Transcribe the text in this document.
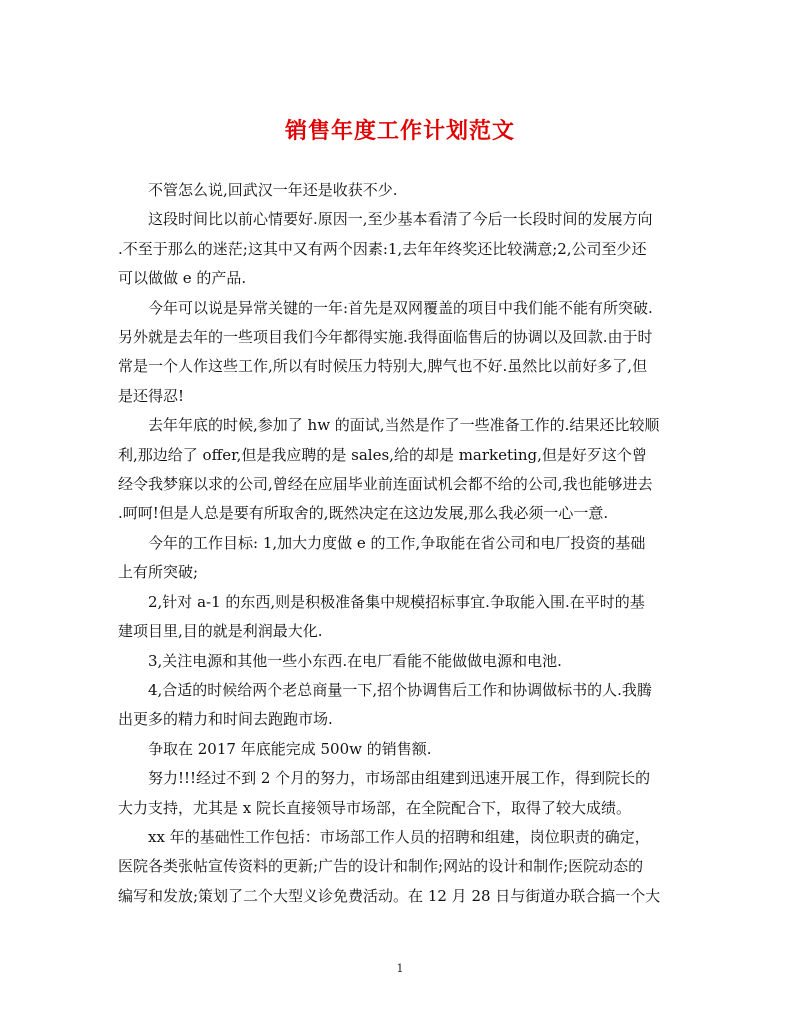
销售年度工作计划范文

不管怎么说,回武汉一年还是收获不少.

这段时间比以前心情要好.原因一,至少基本看清了今后一长段时间的发展方向

.不至于那么的迷茫;这其中又有两个因素:1,去年年终奖还比较满意;2,公司至少还

可以做做 e 的产品.

今年可以说是异常关键的一年:首先是双网覆盖的项目中我们能不能有所突破.

另外就是去年的一些项目我们今年都得实施.我得面临售后的协调以及回款.由于时

常是一个人作这些工作,所以有时候压力特别大,脾气也不好.虽然比以前好多了,但

是还得忍!

去年年底的时候,参加了 hw 的面试,当然是作了一些准备工作的.结果还比较顺

利,那边给了 offer,但是我应聘的是 sales,给的却是 marketing,但是好歹这个曾

经令我梦寐以求的公司,曾经在应届毕业前连面试机会都不给的公司,我也能够进去

.呵呵!但是人总是要有所取舍的,既然决定在这边发展,那么我必须一心一意.

今年的工作目标: 1,加大力度做 e 的工作,争取能在省公司和电厂投资的基础

上有所突破;

2,针对 a-1 的东西,则是积极准备集中规模招标事宜.争取能入围.在平时的基

建项目里,目的就是利润最大化.

3,关注电源和其他一些小东西.在电厂看能不能做做电源和电池.

4,合适的时候给两个老总商量一下,招个协调售后工作和协调做标书的人.我腾

出更多的精力和时间去跑跑市场.

争取在 2017 年底能完成 500w 的销售额.

努力!!!经过不到 2 个月的努力，市场部由组建到迅速开展工作，得到院长的

大力支持，尤其是 x 院长直接领导市场部，在全院配合下，取得了较大成绩。

xx 年的基础性工作包括：市场部工作人员的招聘和组建，岗位职责的确定，

医院各类张帖宣传资料的更新;广告的设计和制作;网站的设计和制作;医院动态的

编写和发放;策划了二个大型义诊免费活动。在 12 月 28 日与街道办联合搞一个大

1
